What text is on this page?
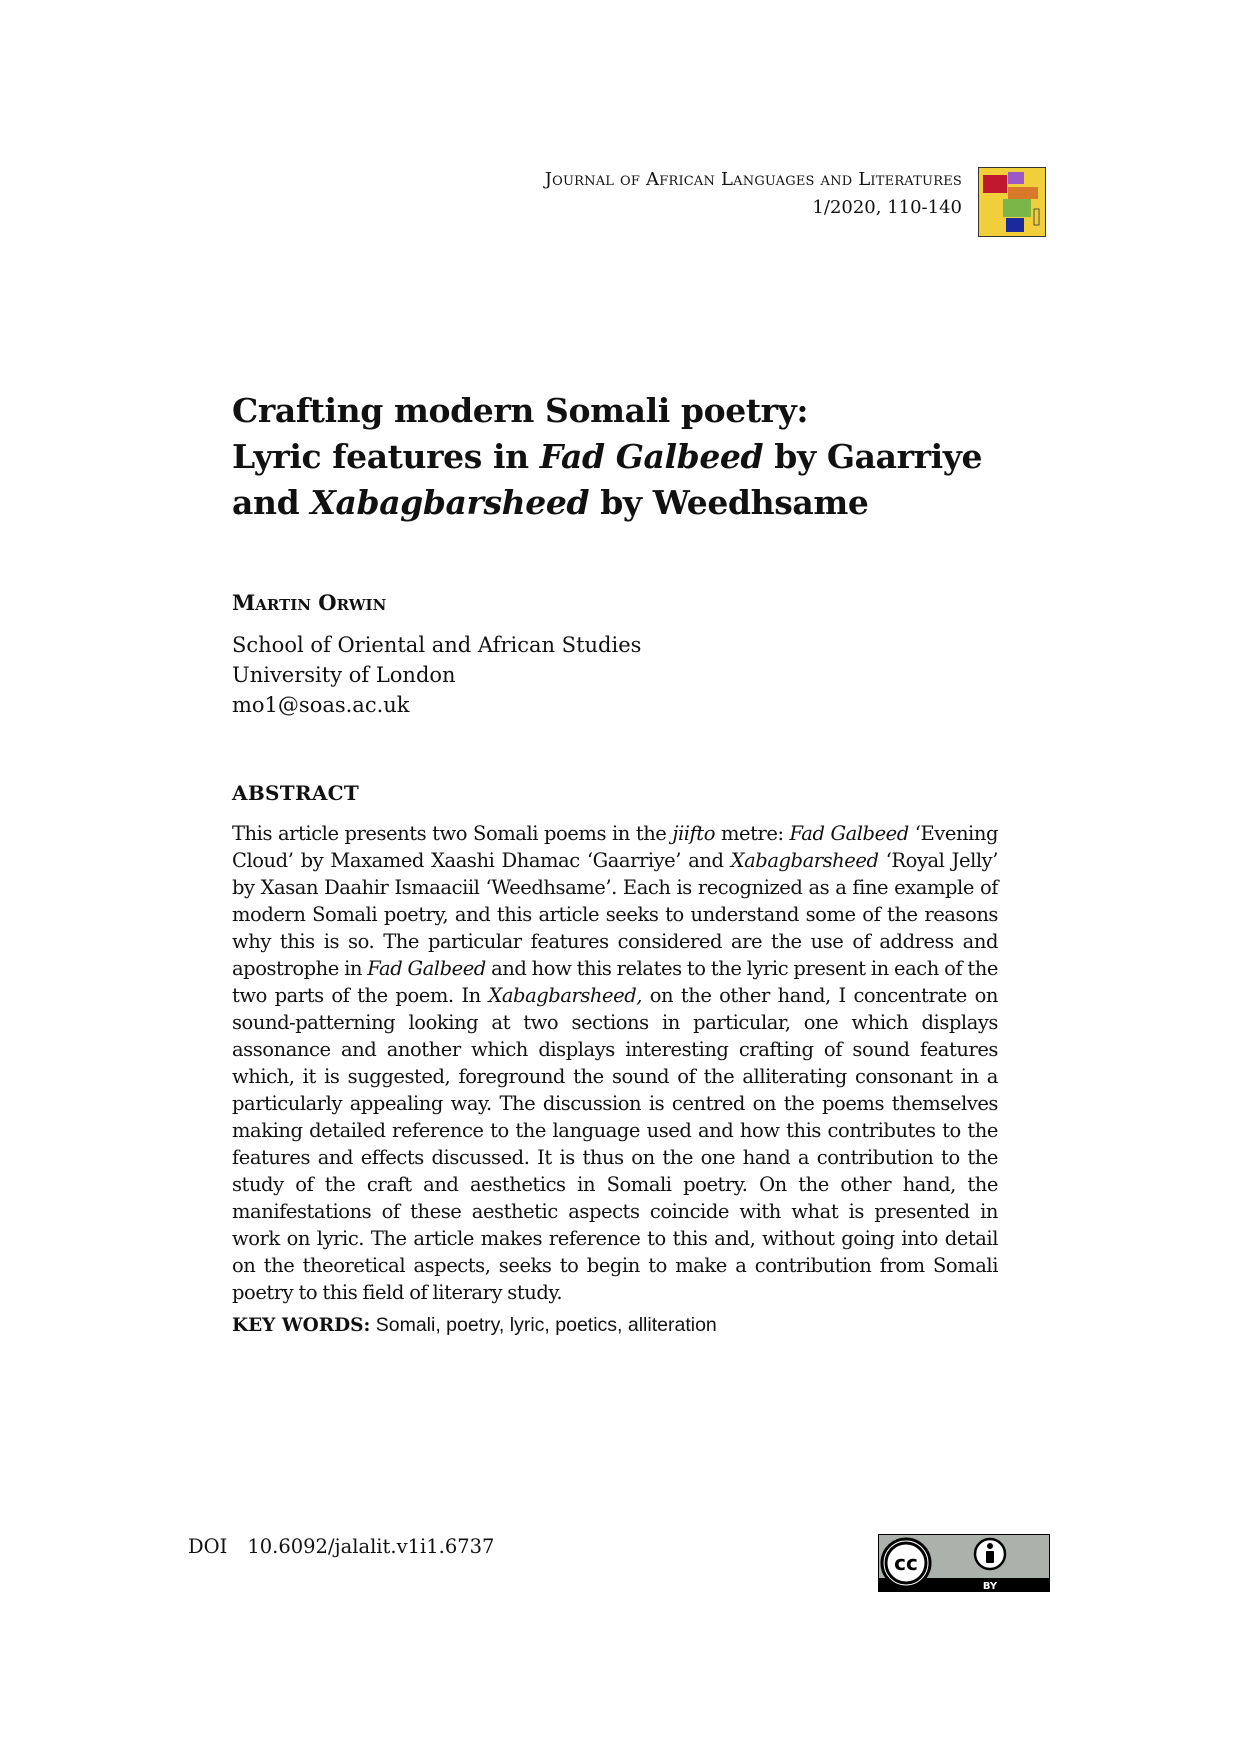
Journal of African Languages and Literatures
1/2020, 110-140
Crafting modern Somali poetry:
Lyric features in Fad Galbeed by Gaarriye
and Xabagbarsheed by Weedhsame
Martin Orwin
School of Oriental and African Studies
University of London
mo1@soas.ac.uk
ABSTRACT

This article presents two Somali poems in the jiifto metre: Fad Galbeed ‘Evening Cloud’ by Maxamed Xaashi Dhamac ‘Gaarriye’ and Xabagbarsheed ‘Royal Jelly’ by Xasan Daahir Ismaaciil ‘Weedhsame’. Each is recognized as a fine example of modern Somali poetry, and this article seeks to understand some of the reasons why this is so. The particular features considered are the use of address and apostrophe in Fad Galbeed and how this relates to the lyric present in each of the two parts of the poem. In Xabagbarsheed, on the other hand, I concentrate on sound-patterning looking at two sections in particular, one which displays assonance and another which displays interesting crafting of sound features which, it is suggested, foreground the sound of the alliterating consonant in a particularly appealing way. The discussion is centred on the poems themselves making detailed reference to the language used and how this contributes to the features and effects discussed. It is thus on the one hand a contribution to the study of the craft and aesthetics in Somali poetry. On the other hand, the manifestations of these aesthetic aspects coincide with what is presented in work on lyric. The article makes reference to this and, without going into detail on the theoretical aspects, seeks to begin to make a contribution from Somali poetry to this field of literary study.

KEY WORDS: Somali, poetry, lyric, poetics, alliteration
DOI 10.6092/jalalit.v1i1.6737
cc
BY
